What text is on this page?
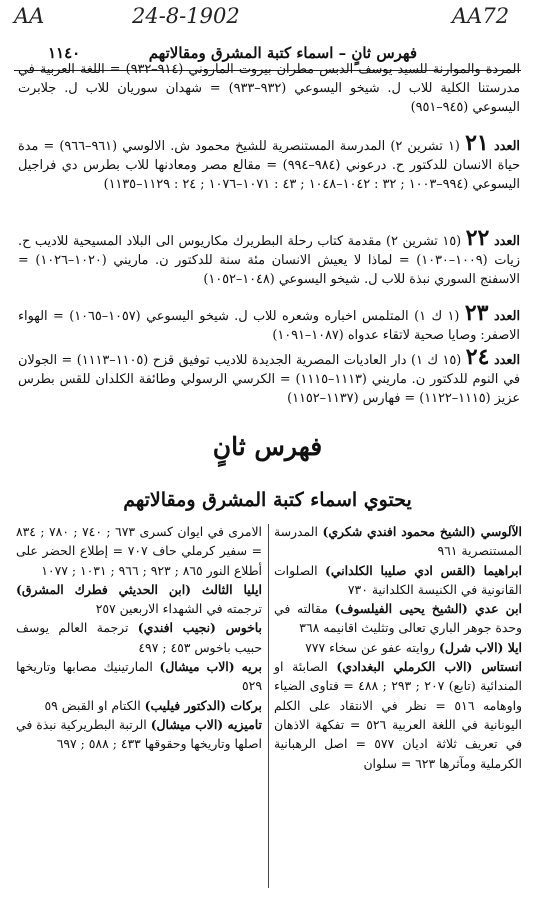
AA	24-8-1902	AA72
١١٤٠	فهرس ثانٍ – اسماء كتبة المشرق ومقالاتهم

المردة والموارنة للسيد يوسف الدبس مطران بيروت الماروني (٩١٤–٩٣٢) = اللغة العربية في مدرستنا الكلية للاب ل. شيخو اليسوعي (٩٣٢–٩٣٣) = شهدان سوريان للاب ل. جلابرت اليسوعي (٩٤٥–٩٥١)

العدد ٢١ (١ تشرين ٢) المدرسة المستنصرية للشيخ محمود ش. الالوسي (٩٦١–٩٦٦) = مدة حياة الانسان للدكتور ح. درعوني (٩٨٤–٩٩٤) = مقالع مصر ومعادنها للاب بطرس دي فراجيل اليسوعي (٩٩٤–١٠٠٣ ; ٣٢ : ١٠٤٢–١٠٤٨ ; ٤٣ : ١٠٧١–١٠٧٦ ; ٢٤ : ١١٢٩–١١٣٥)

العدد ٢٢ (١٥ تشرين ٢) مقدمة كتاب رحلة البطريرك مكاريوس الى البلاد المسيحية للاديب ح. زيات (١٠٠٩–١٠٣٠) = لماذا لا يعيش الانسان مئة سنة للدكتور ن. ماريني (١٠٢٠–١٠٢٦) = الاسفنج السوري نبذة للاب ل. شيخو اليسوعي (١٠٤٨–١٠٥٢)

العدد ٢٣ (١ ك ١) المتلمس اخباره وشعره للاب ل. شيخو اليسوعي (١٠٥٧–١٠٦٥) = الهواء الاصفر: وصايا صحية لاتقاء عدواه (١٠٨٧–١٠٩١)

العدد ٢٤ (١٥ ك ١) دار العاديات المصرية الجديدة للاديب توفيق قزح (١١٠٥–١١١٣) = الجولان في النوم للدكتور ن. ماريني (١١١٣–١١١٥) = الكرسي الرسولي وطائفة الكلدان للقس بطرس عزيز (١١١٥–١١٢٢) = فهارس (١١٣٧–١١٥٢)

فهرس ثانٍ
يحتوي اسماء كتبة المشرق ومقالاتهم

الآلوسي (الشيخ محمود افندي شكري) المدرسة المستنصرية ٩٦١

ابراهيما (القس ادي صليبا الكلداني) الصلوات القانونية في الكنيسة الكلدانية ٧٣٠

ابن عدي (الشيخ يحيى الفيلسوف) مقالته في وحدة جوهر الباري تعالى وتثليث اقانيمه ٣٦٨

ايلا (الاب شرل) روايته عفو عن سخاء ٧٧٧

انستاس (الاب الكرملي البغدادي) الصابئة او المندائية (تابع) ٢٠٧ ; ٢٩٣ ; ٤٨٨ = فتاوى الضياء واوهامه ٥١٦ = نظر في الانتقاد على الكلم اليونانية في اللغة العربية ٥٢٦ = تفكهة الاذهان في تعريف ثلاثة اديان ٥٧٧ = اصل الرهبانية الكرملية ومآثرها ٦٢٣ = سلوان

الامرى في ايوان كسرى ٦٧٣ ; ٧٤٠ ; ٧٨٠ ; ٨٣٤ = سفير كرملي حاف ٧٠٧ = إطلاع الحضر على أطلاع النور ٨٦٥ ; ٩٢٣ ; ٩٦٦ ; ١٠٣١ ; ١٠٧٧

ايليا الثالث (ابن الحديثي فطرك المشرق) ترجمته في الشهداء الاربعين ٢٥٧

باخوس (نجيب افندي) ترجمة العالم يوسف حبيب باخوس ٤٥٣ ; ٤٩٧

بريه (الاب ميشال) المارتينيك مصابها وتاريخها ٥٢٩

بركات (الدكتور فيليب) الكتام او القبض ٥٩

تاميزيه (الاب ميشال) الرتبة البطريركية نبذة في اصلها وتاريخها وحقوقها ٤٣٣ ; ٥٨٨ ; ٦٩٧
